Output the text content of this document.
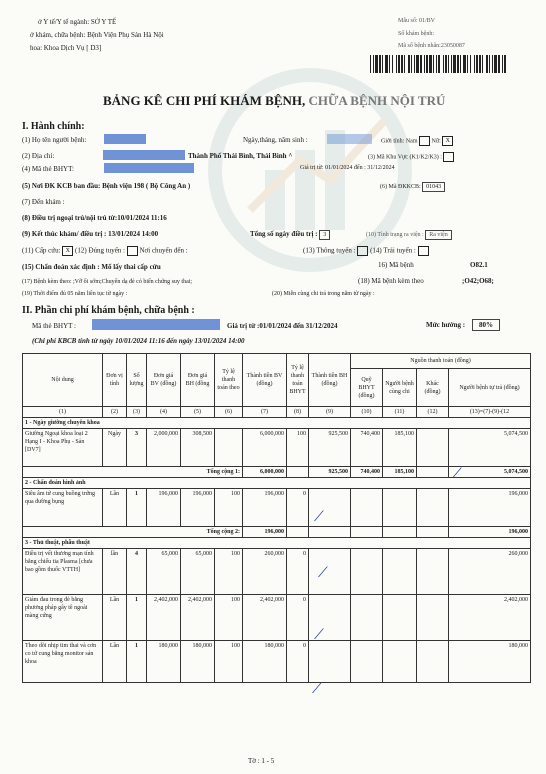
ở Y tế/Y tế ngành: SỞ Y TẾ
ở khám, chữa bệnh: Bệnh Viện Phụ Sản Hà Nội
hoa: Khoa Dịch Vụ [ D3]
Mẫu số: 01/BV
Số khám bệnh:
Mã số bệnh nhân:23050087
BẢNG KÊ CHI PHÍ KHÁM BỆNH, CHỮA BỆNH NỘI TRÚ
I. Hành chính:
(1) Họ tên người bệnh:	Ngày,tháng, năm sinh :	Giới tính: Nam Nữ: X
(2) Địa chỉ:	Thành Phố Thái Bình, Thái Bình ^	(3) Mã Khu Vực (K1/K2/K3) :
(4) Mã thẻ BHYT:	Giá trị từ: 01/01/2024 đến : 31/12/2024
(5) Nơi ĐK KCB ban đầu: Bệnh viện 198 ( Bộ Công An )	(6) Mã ĐKKCB: 01043
(7) Đến khám :
(8) Điều trị ngoại trú/nội trú từ:10/01/2024 11:16
(9) Kết thúc khám/ điều trị : 13/01/2024 14:00	Tổng số ngày điều trị : 3	(10) Tình trạng ra viện : Ra viện
(11) Cấp cứu: X (12) Đúng tuyến : Nơi chuyển đến :	(13) Thông tuyến : (14) Trái tuyến :
(15) Chẩn đoán xác định : Mổ lấy thai cấp cứu	16) Mã bệnh	O82.1
(17) Bệnh kèm theo: ;Vỡ ối sớm;Chuyển dạ đẻ có biến chứng suy thai;	(18) Mã bệnh kèm theo	;O42;O68;
(19) Thời điểm đủ 05 năm liên tục từ ngày :	(20) Miễn cùng chi trả trong năm từ ngày :
II. Phần chi phí khám bệnh, chữa bệnh :
Mã thẻ BHYT :	Giá trị từ :01/01/2024 đến 31/12/2024	Mức hưởng :	80%
(Chi phí KBCB tính từ ngày 10/01/2024 11:16 đến ngày 13/01/2024 14:00
Nội dung	Đơn vị tính	Số lượng	Đơn giá BV (đồng)	Đơn giá BH (đồng	Tỷ lệ thanh toán theo	Thành tiền BV (đồng)	Tỷ lệ thanh toán BHYT	Thành tiền BH (đồng)	Nguồn thanh toán (đồng)			
									Quỹ BHYT (đồng)	Người bệnh cùng chi	Khác (đồng)	Người bệnh tự trả (đồng)
(1)	(2)	(3)	(4)	(5)	(6)	(7)	(8)	(9)	(10)	(11)	(12)	(13)=(7)-(9)-(12
1 - Ngày giường chuyên khoa												
Giường Ngoại khoa loại 2 Hạng I - Khoa Phụ - Sản [DV7]	Ngày	3	2,000,000	308,500		6,000,000	100	925,500	740,400	185,100		5,074,500
Tổng cộng 1:						6,000,000		925,500	740,400	185,100		5,074,500
2 - Chẩn đoán hình ảnh												
Siêu âm tử cung buồng trứng qua đường bụng	Lần	1	196,000	196,000	100	196,000	0					196,000
Tổng cộng 2:						196,000						196,000
3 - Thủ thuật, phẫu thuật												
Điều trị vết thương mạn tính bằng chiếu tia Plasma [chưa bao gồm thuốc VTTH]	lần	4	65,000	65,000	100	260,000	0					260,000
Giảm đau trong đẻ bằng phương pháp gây tê ngoài màng cứng	Lần	1	2,402,000	2,402,000	100	2,402,000	0					2,402,000
Theo dõi nhịp tim thai và cơn co tử cung bằng monitor sản khoa	Lần	1	180,000	180,000	100	180,000	0					180,000
⟋
⟋
⟋
⟋
⟋
Tờ : 1 - 5
